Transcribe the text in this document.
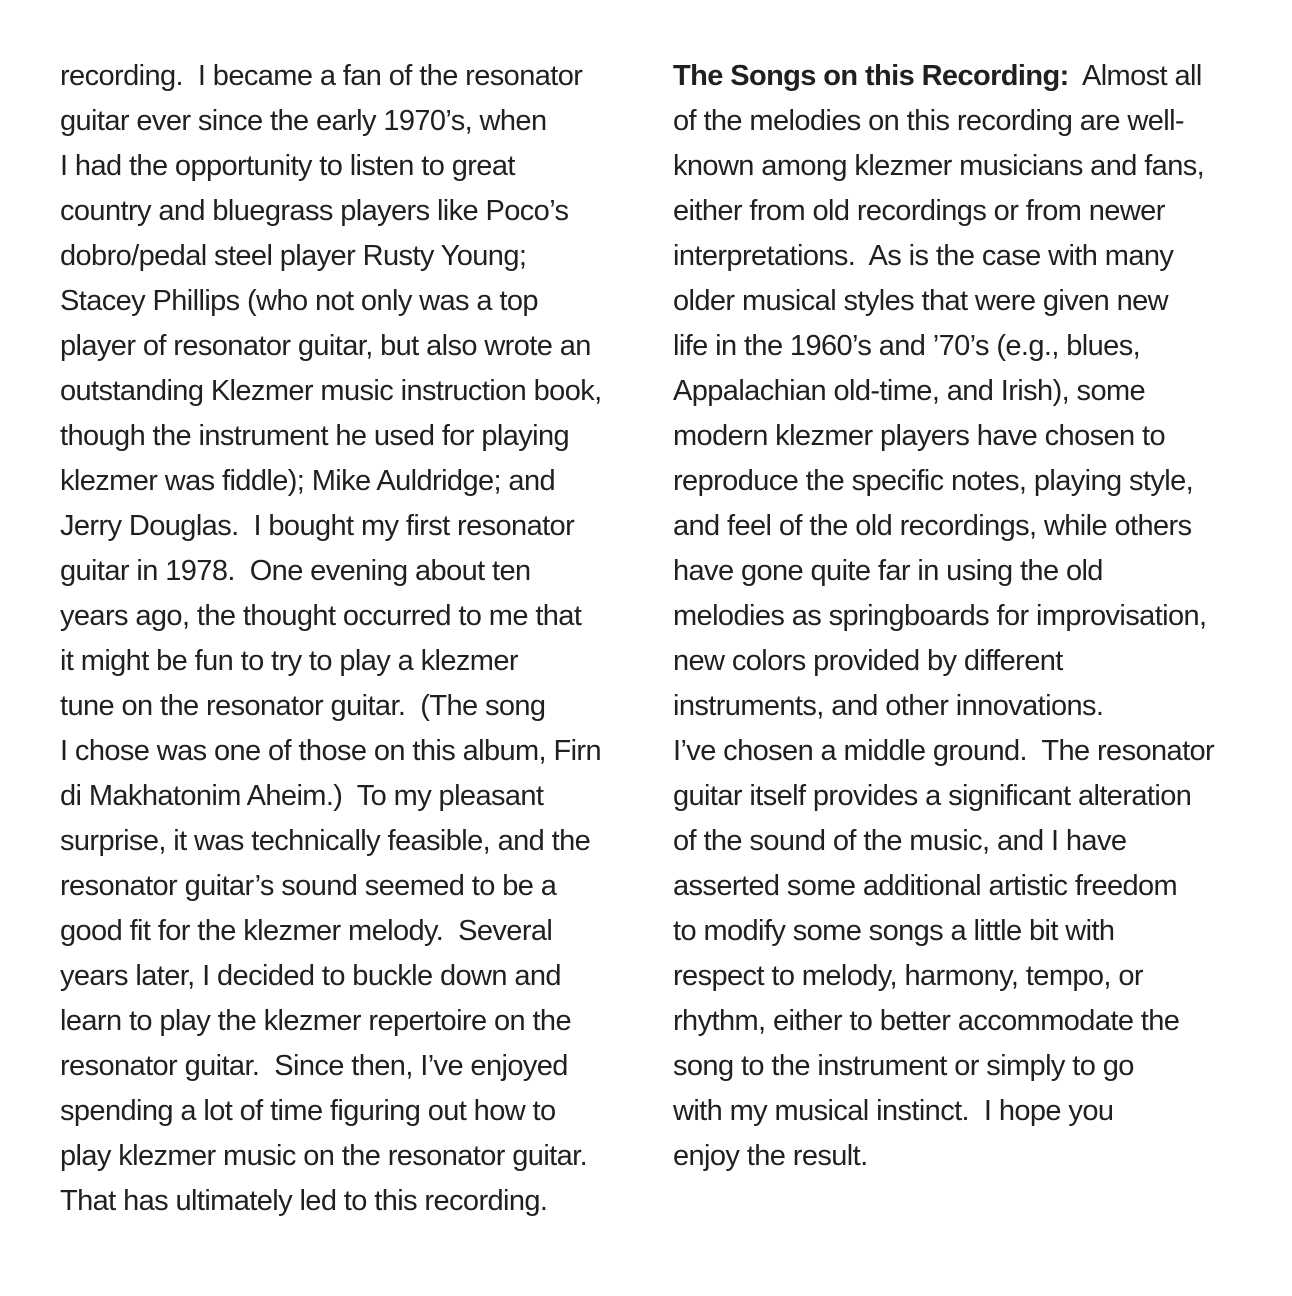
recording.  I became a fan of the resonator
guitar ever since the early 1970’s, when
I had the opportunity to listen to great
country and bluegrass players like Poco’s
dobro/pedal steel player Rusty Young;
Stacey Phillips (who not only was a top
player of resonator guitar, but also wrote an
outstanding Klezmer music instruction book,
though the instrument he used for playing
klezmer was fiddle); Mike Auldridge; and
Jerry Douglas.  I bought my first resonator
guitar in 1978.  One evening about ten
years ago, the thought occurred to me that
it might be fun to try to play a klezmer
tune on the resonator guitar.  (The song
I chose was one of those on this album, Firn
di Makhatonim Aheim.)  To my pleasant
surprise, it was technically feasible, and the
resonator guitar’s sound seemed to be a
good fit for the klezmer melody.  Several
years later, I decided to buckle down and
learn to play the klezmer repertoire on the
resonator guitar.  Since then, I’ve enjoyed
spending a lot of time figuring out how to
play klezmer music on the resonator guitar.
That has ultimately led to this recording.
The Songs on this Recording:  Almost all
of the melodies on this recording are well-
known among klezmer musicians and fans,
either from old recordings or from newer
interpretations.  As is the case with many
older musical styles that were given new
life in the 1960’s and ’70’s (e.g., blues,
Appalachian old-time, and Irish), some
modern klezmer players have chosen to
reproduce the specific notes, playing style,
and feel of the old recordings, while others
have gone quite far in using the old
melodies as springboards for improvisation,
new colors provided by different
instruments, and other innovations.
I’ve chosen a middle ground.  The resonator
guitar itself provides a significant alteration
of the sound of the music, and I have
asserted some additional artistic freedom
to modify some songs a little bit with
respect to melody, harmony, tempo, or
rhythm, either to better accommodate the
song to the instrument or simply to go
with my musical instinct.  I hope you
enjoy the result.
